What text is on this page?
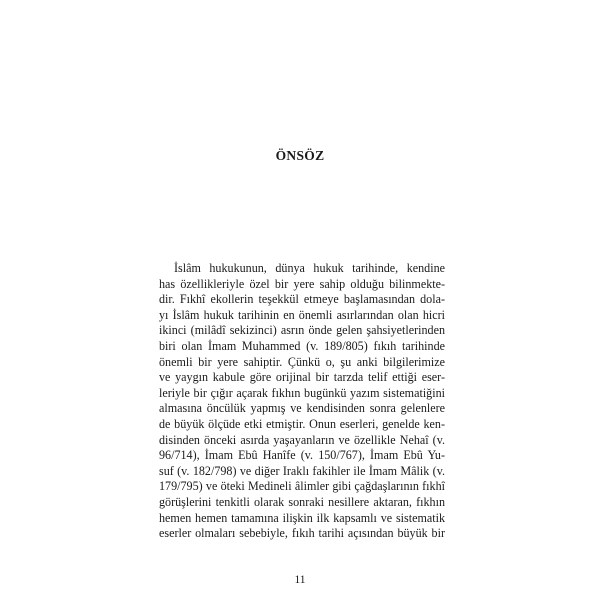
ÖNSÖZ
İslâm hukukunun, dünya hukuk tarihinde, kendine
has özellikleriyle özel bir yere sahip olduğu bilinmekte-
dir. Fıkhî ekollerin teşekkül etmeye başlamasından dola-
yı İslâm hukuk tarihinin en önemli asırlarından olan hicri
ikinci (milâdî sekizinci) asrın önde gelen şahsiyetlerinden
biri olan İmam Muhammed (v. 189/805) fıkıh tarihinde
önemli bir yere sahiptir. Çünkü o, şu anki bilgilerimize
ve yaygın kabule göre orijinal bir tarzda telif ettiği eser-
leriyle bir çığır açarak fıkhın bugünkü yazım sistematiğini
almasına öncülük yapmış ve kendisinden sonra gelenlere
de büyük ölçüde etki etmiştir. Onun eserleri, genelde ken-
disinden önceki asırda yaşayanların ve özellikle Nehaî (v.
96/714), İmam Ebû Hanîfe (v. 150/767), İmam Ebû Yu-
suf (v. 182/798) ve diğer Iraklı fakihler ile İmam Mâlik (v.
179/795) ve öteki Medineli âlimler gibi çağdaşlarının fıkhî
görüşlerini tenkitli olarak sonraki nesillere aktaran, fıkhın
hemen hemen tamamına ilişkin ilk kapsamlı ve sistematik
eserler olmaları sebebiyle, fıkıh tarihi açısından büyük bir
11
